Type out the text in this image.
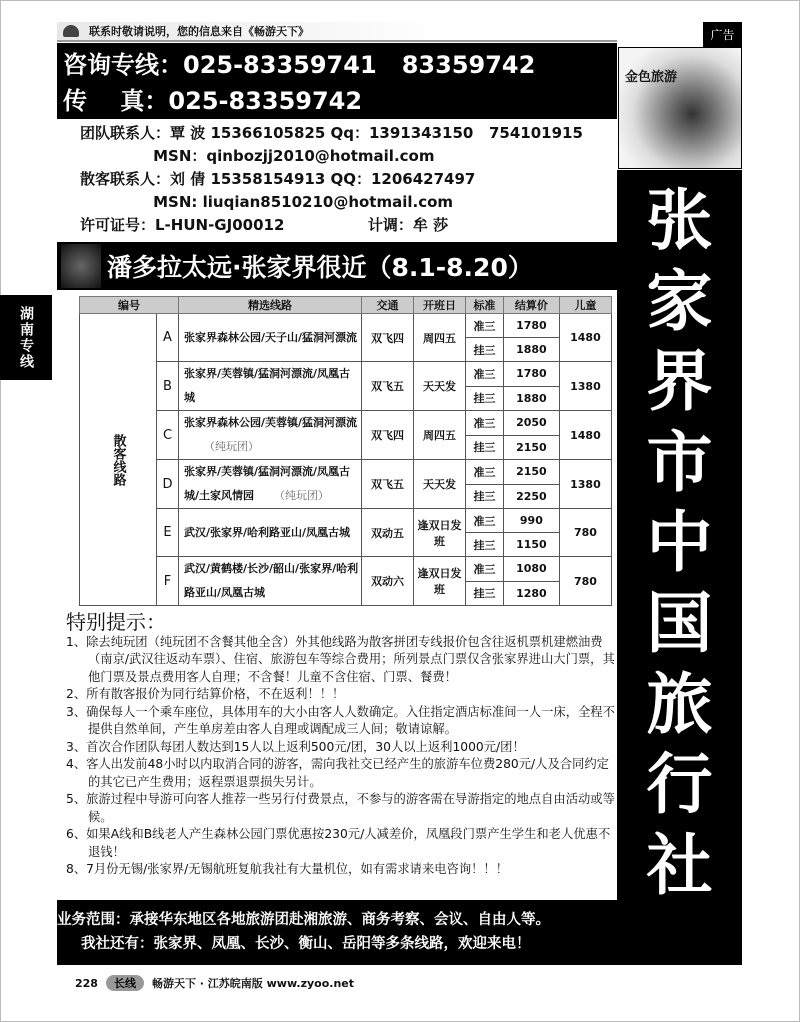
联系时敬请说明，您的信息来自《畅游天下》	广告
咨询专线：025-83359741   83359742
传    真：025-83359742
金色旅游
张
家
界
市
中
国
旅
行
社
团队联系人：覃 波 15366105825 Qq：1391343150   754101915
MSN：qinbozjj2010@hotmail.com
散客联系人：刘 倩 15358154913 QQ：1206427497
MSN: liuqian8510210@hotmail.com
许可证号：L-HUN-GJ00012                计调：牟 莎
潘多拉太远·张家界很近（8.1-8.20）
湖南专线	编号		精选线路	交通	开班日	标准	结算价	儿童
散客线路	A	张家界森林公园/天子山/猛洞河漂流	双飞四	周四五	准三	1780	1480
					挂三	1880	
	B	张家界/芙蓉镇/猛洞河漂流/凤凰古城	双飞五	天天发	准三	1780	1380
					挂三	1880	
	C	张家界森林公园/芙蓉镇/猛洞河漂流（纯玩团）	双飞四	周四五	准三	2050	1480
					挂三	2150	
	D	张家界/芙蓉镇/猛洞河漂流/凤凰古城/土家风情园 （纯玩团）	双飞五	天天发	准三	2150	1380
					挂三	2250	
	E	武汉/张家界/哈利路亚山/凤凰古城	双动五	逢双日发班	准三	990	780
					挂三	1150	
	F	武汉/黄鹤楼/长沙/韶山/张家界/哈利路亚山/凤凰古城	双动六	逢双日发班	准三	1080	780
					挂三	1280	
特别提示：

1、除去纯玩团（纯玩团不含餐其他全含）外其他线路为散客拼团专线报价包含往返机票机建燃油费（南京/武汉往返动车票）、住宿、旅游包车等综合费用；所列景点门票仅含张家界进山大门票，其他门票及景点费用客人自理；不含餐！儿童不含住宿、门票、餐费！

2、所有散客报价为同行结算价格，不在返利！！！

3、确保每人一个乘车座位，具体用车的大小由客人人数确定。入住指定酒店标准间一人一床，全程不提供自然单间，产生单房差由客人自理或调配成三人间；敬请谅解。

3、首次合作团队每团人数达到15人以上返利500元/团，30人以上返利1000元/团！

4、客人出发前48小时以内取消合同的游客，需向我社交已经产生的旅游车位费280元/人及合同约定的其它已产生费用；返程票退票损失另计。

5、旅游过程中导游可向客人推荐一些另行付费景点，不参与的游客需在导游指定的地点自由活动或等候。

6、如果A线和B线老人产生森林公园门票优惠按230元/人减差价，凤凰段门票产生学生和老人优惠不退钱！

8、7月份无锡/张家界/无锡航班复航我社有大量机位，如有需求请来电咨询！！！

业务范围：承接华东地区各地旅游团赴湘旅游、商务考察、会议、自由人等。
我社还有：张家界、凤凰、长沙、衡山、岳阳等多条线路，欢迎来电！
228	长线	畅游天下 · 江苏皖南版 www.zyoo.net
